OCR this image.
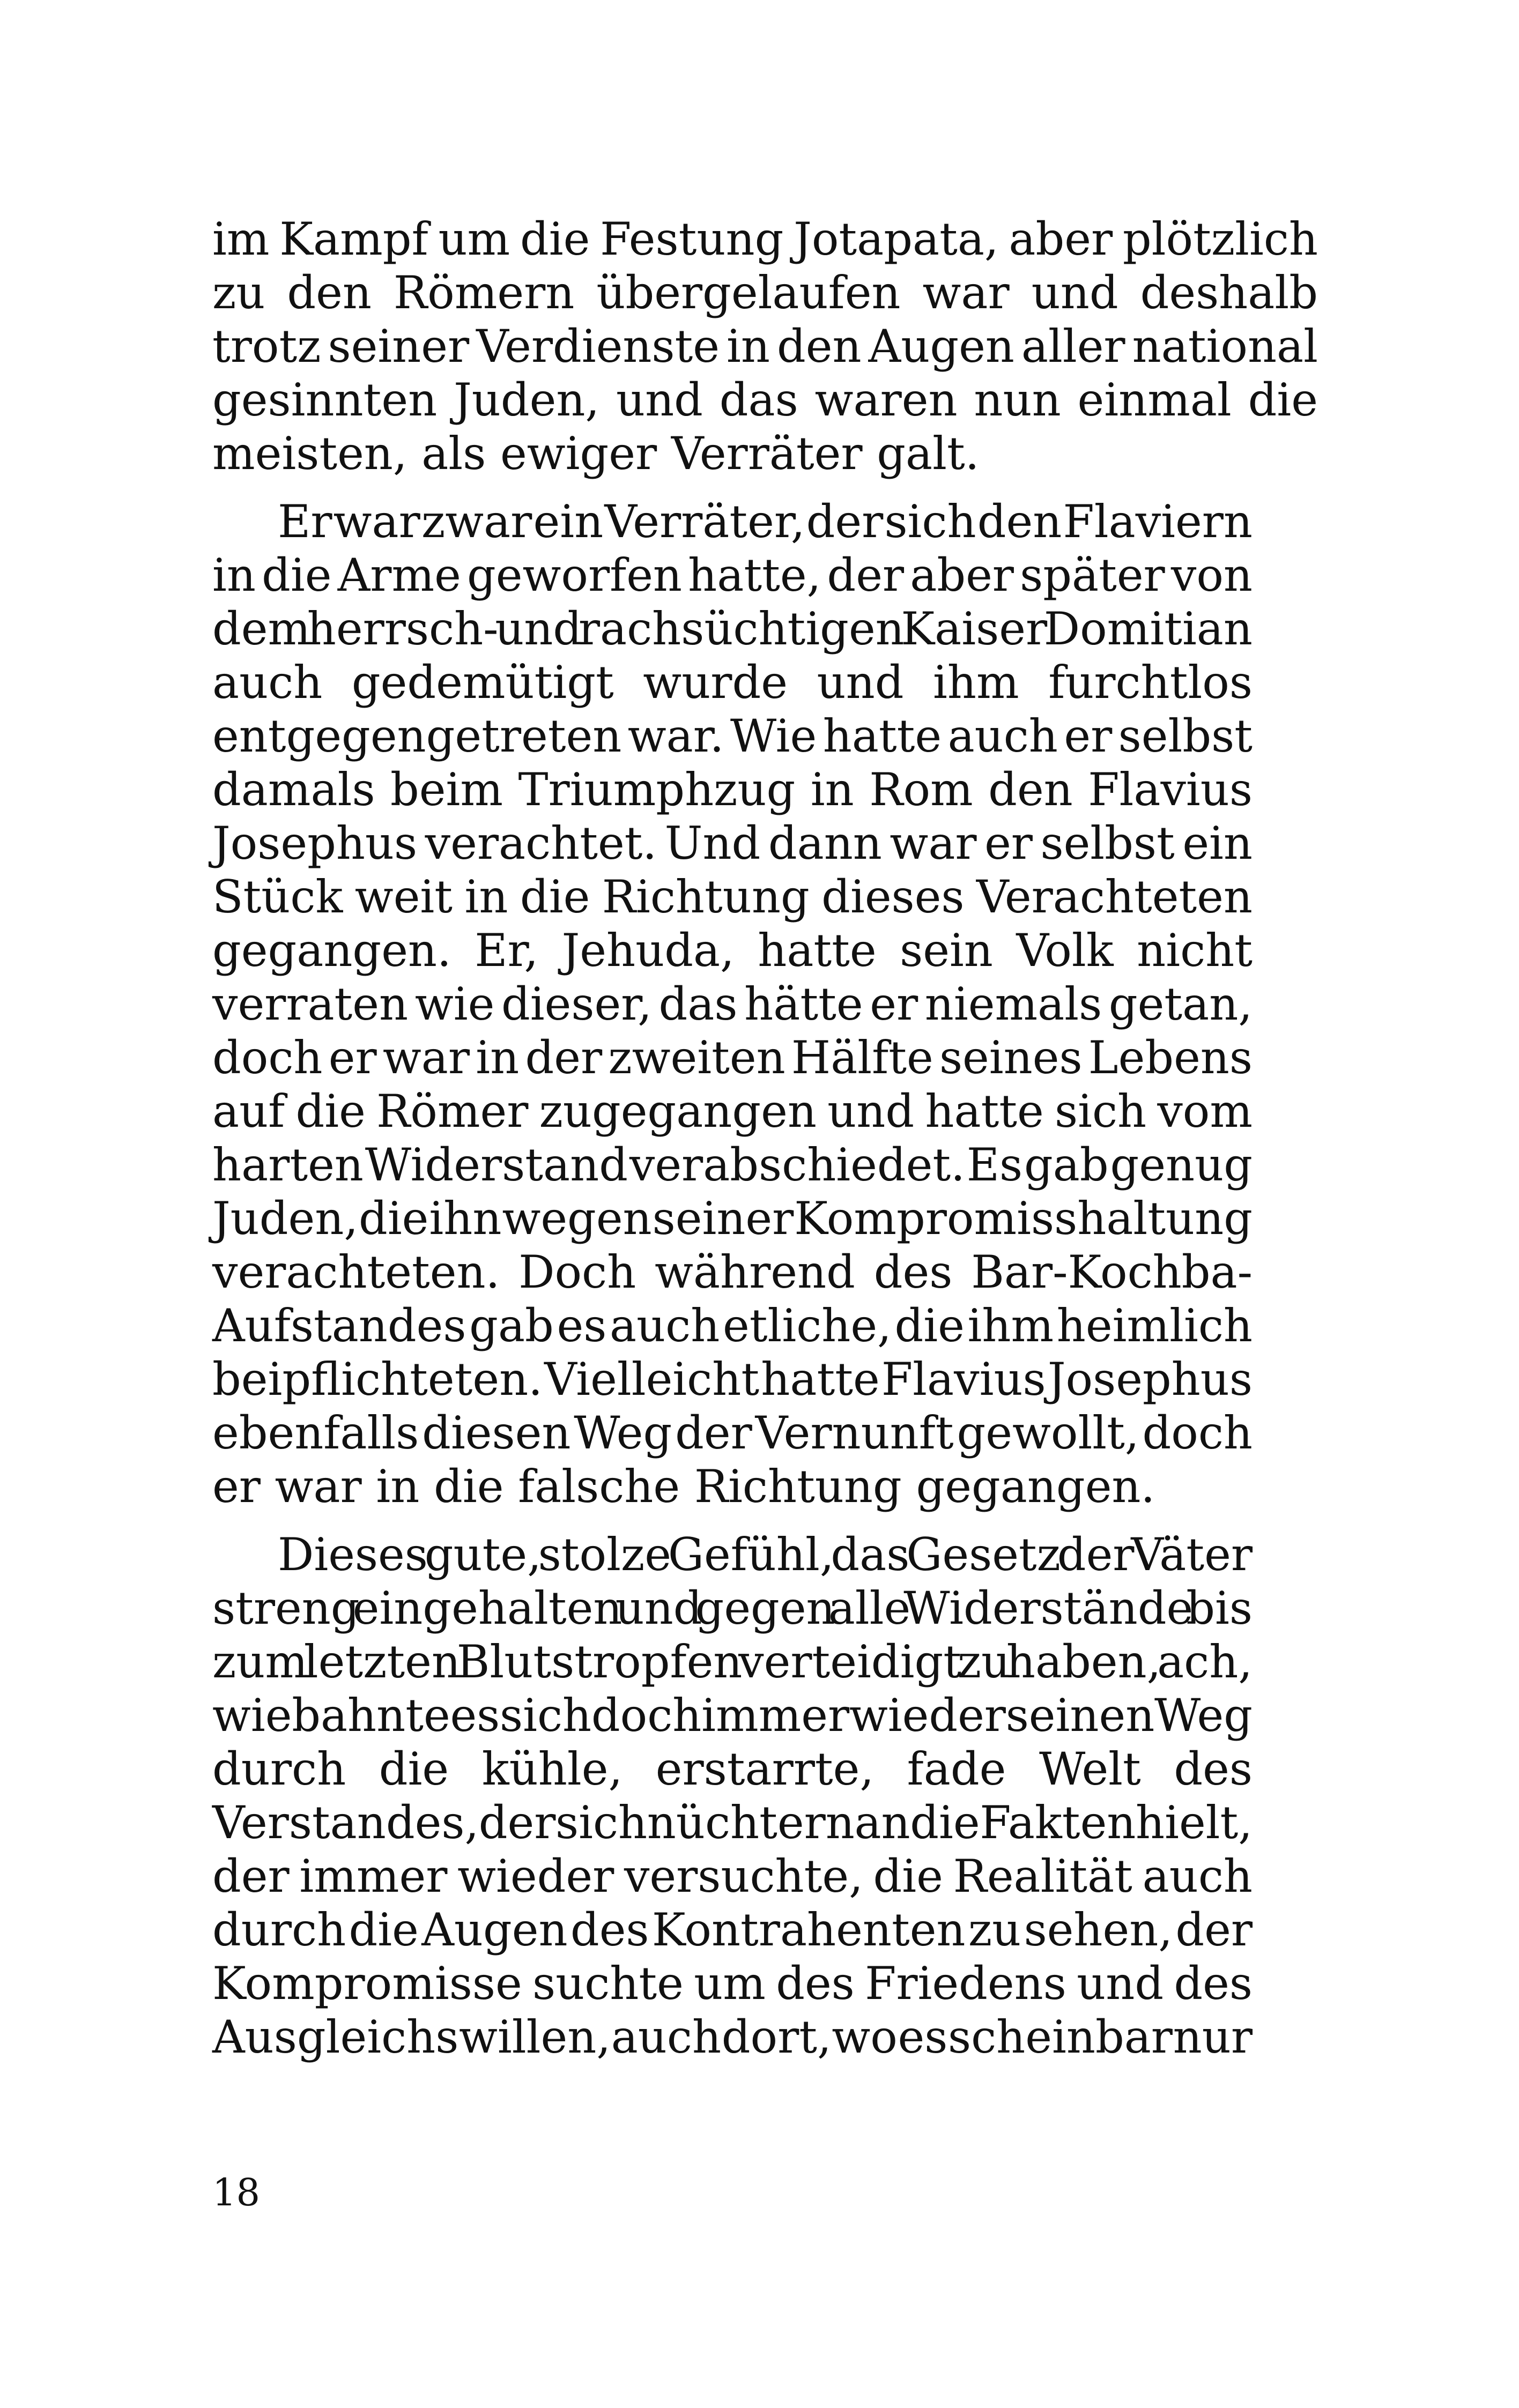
im Kampf um die Festung Jotapata, aber plötzlich
zu den Römern übergelaufen war und deshalb
trotz seiner Verdienste in den Augen aller national
gesinnten Juden, und das waren nun einmal die
meisten, als ewiger Verräter galt.

Er war zwar ein Verräter, der sich den Flaviern
in die Arme geworfen hatte, der aber später von
dem herrsch- und rachsüchtigen Kaiser Domitian
auch gedemütigt wurde und ihm furchtlos
entgegengetreten war. Wie hatte auch er selbst
damals beim Triumphzug in Rom den Flavius
Josephus verachtet. Und dann war er selbst ein
Stück weit in die Richtung dieses Verachteten
gegangen. Er, Jehuda, hatte sein Volk nicht
verraten wie dieser, das hätte er niemals getan,
doch er war in der zweiten Hälfte seines Lebens
auf die Römer zugegangen und hatte sich vom
harten Widerstand verabschiedet. Es gab genug
Juden, die ihn wegen seiner Kompromisshaltung
verachteten. Doch während des Bar-Kochba-
Aufstandes gab es auch etliche, die ihm heimlich
beipflichteten. Vielleicht hatte Flavius Josephus
ebenfalls diesen Weg der Vernunft gewollt, doch
er war in die falsche Richtung gegangen.

Dieses gute, stolze Gefühl, das Gesetz der Väter
streng eingehalten und gegen alle Widerstände bis
zum letzten Blutstropfen verteidigt zu haben, ach,
wie bahnte es sich doch immer wieder seinen Weg
durch die kühle, erstarrte, fade Welt des
Verstandes, der sich nüchtern an die Fakten hielt,
der immer wieder versuchte, die Realität auch
durch die Augen des Kontrahenten zu sehen, der
Kompromisse suchte um des Friedens und des
Ausgleichs willen, auch dort, wo es scheinbar nur

18
